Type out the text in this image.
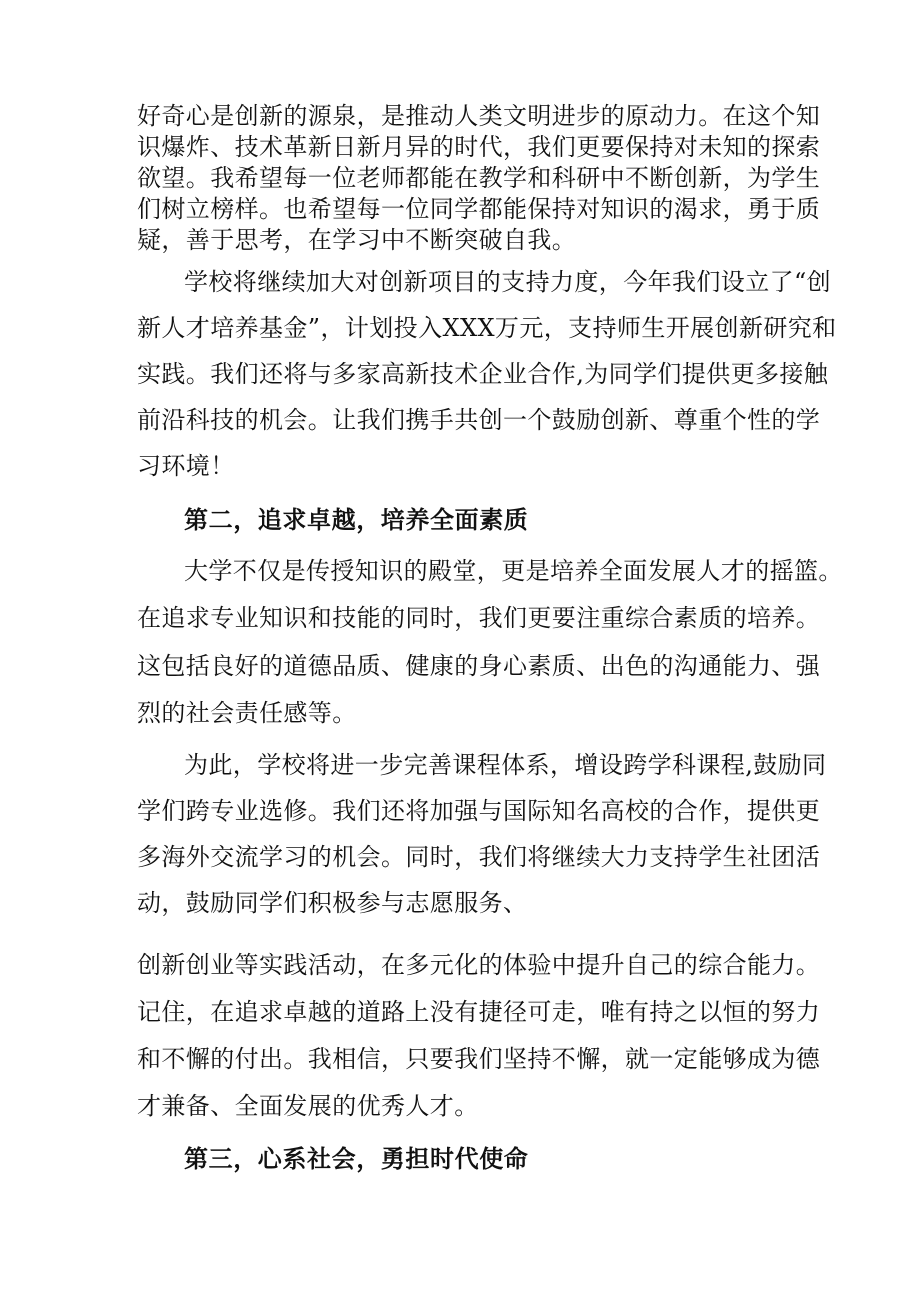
好奇心是创新的源泉，是推动人类文明进步的原动力。在这个知
识爆炸、技术革新日新月异的时代，我们更要保持对未知的探索
欲望。我希望每一位老师都能在教学和科研中不断创新，为学生
们树立榜样。也希望每一位同学都能保持对知识的渴求，勇于质
疑，善于思考，在学习中不断突破自我。
学校将继续加大对创新项目的支持力度，今年我们设立了“创
新人才培养基金”，计划投入XXX万元，支持师生开展创新研究和
实践。我们还将与多家高新技术企业合作,为同学们提供更多接触
前沿科技的机会。让我们携手共创一个鼓励创新、尊重个性的学
习环境！
第二，追求卓越，培养全面素质
大学不仅是传授知识的殿堂，更是培养全面发展人才的摇篮。
在追求专业知识和技能的同时，我们更要注重综合素质的培养。
这包括良好的道德品质、健康的身心素质、出色的沟通能力、强
烈的社会责任感等。
为此，学校将进一步完善课程体系，增设跨学科课程,鼓励同
学们跨专业选修。我们还将加强与国际知名高校的合作，提供更
多海外交流学习的机会。同时，我们将继续大力支持学生社团活
动，鼓励同学们积极参与志愿服务、
创新创业等实践活动，在多元化的体验中提升自己的综合能力。
记住，在追求卓越的道路上没有捷径可走，唯有持之以恒的努力
和不懈的付出。我相信，只要我们坚持不懈，就一定能够成为德
才兼备、全面发展的优秀人才。
第三，心系社会，勇担时代使命
